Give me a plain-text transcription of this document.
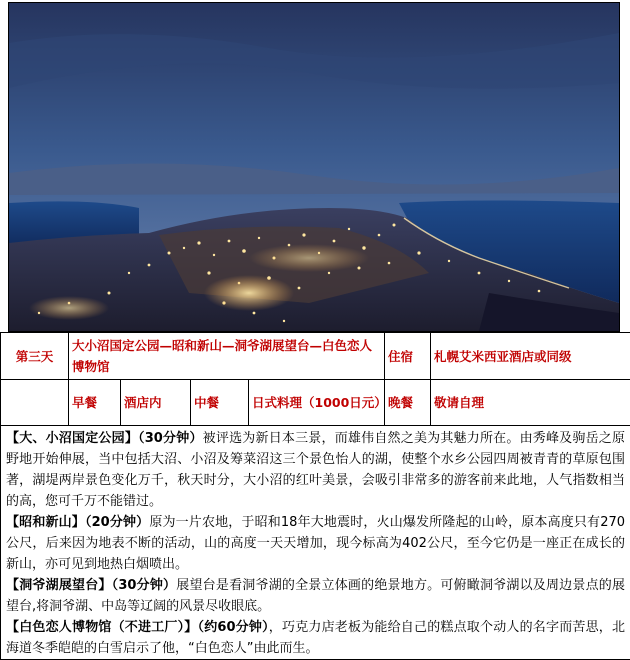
第三天	大小沼国定公园—昭和新山—洞爷湖展望台—白色恋人博物馆				住宿	札幌艾米西亚酒店或同级
	早餐	酒店内	中餐	日式料理（1000日元）	晚餐	敬请自理

【大、小沼国定公园】（30分钟）被评选为新日本三景，而雄伟自然之美为其魅力所在。由秀峰及驹岳之原野地开始伸展，当中包括大沼、小沼及筹菜沼这三个景色怡人的湖，使整个水乡公园四周被青青的草原包围著，湖堤两岸景色变化万千，秋天时分，大小沼的红叶美景，会吸引非常多的游客前来此地，人气指数相当的高，您可千万不能错过。

【昭和新山】（20分钟）原为一片农地，于昭和18年大地震时，火山爆发所隆起的山岭，原本高度只有270公尺，后来因为地表不断的活动，山的高度一天天增加，现今标高为402公尺，至今它仍是一座正在成长的新山，亦可见到地热白烟喷出。

【洞爷湖展望台】（30分钟）展望台是看洞爷湖的全景立体画的绝景地方。可俯瞰洞爷湖以及周边景点的展望台,将洞爷湖、中岛等辽阔的风景尽收眼底。

【白色恋人博物馆（不进工厂）】（约60分钟），巧克力店老板为能给自己的糕点取个动人的名字而苦思，北海道冬季皑皑的白雪启示了他，“白色恋人”由此而生。						
